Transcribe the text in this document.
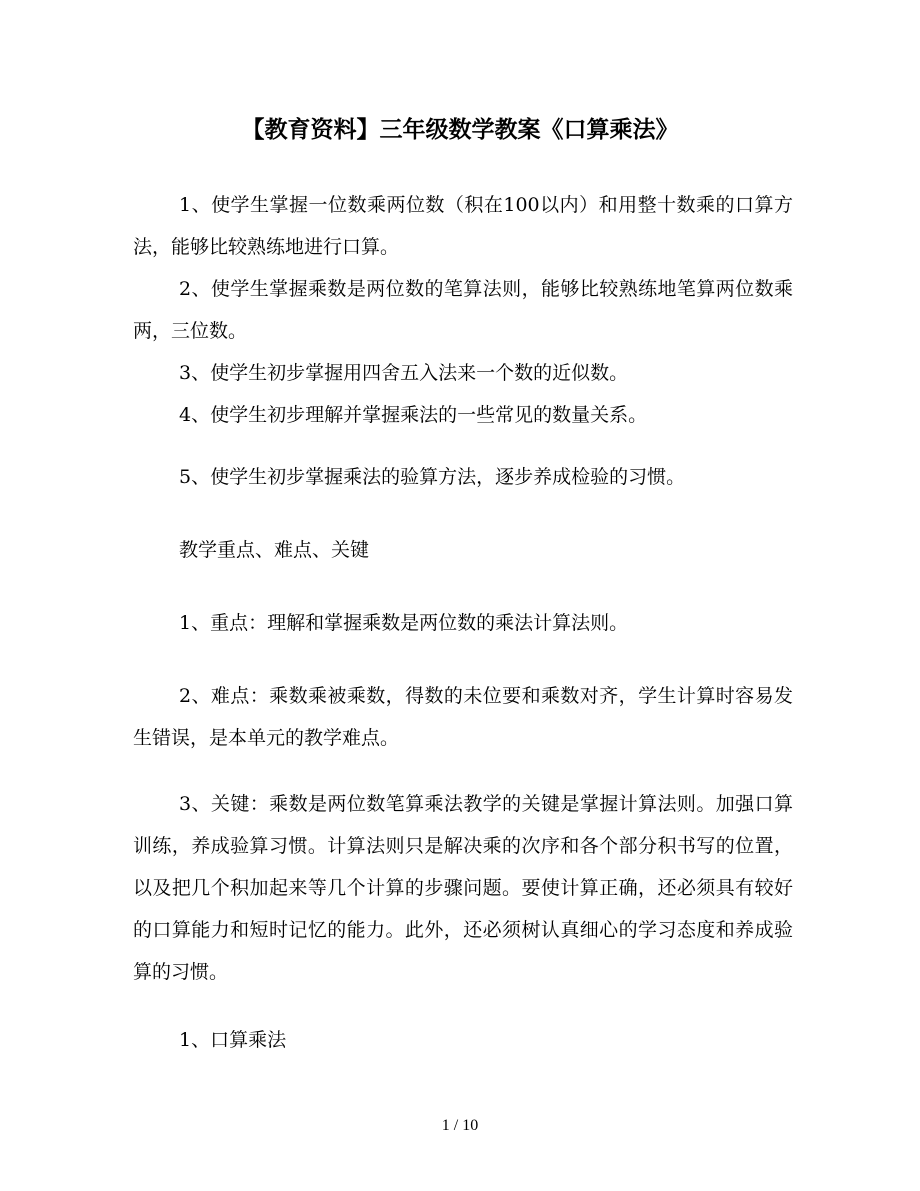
【教育资料】三年级数学教案《口算乘法》
1、使学生掌握一位数乘两位数（积在100以内）和用整十数乘的口算方法，能够比较熟练地进行口算。
2、使学生掌握乘数是两位数的笔算法则，能够比较熟练地笔算两位数乘两，三位数。
3、使学生初步掌握用四舍五入法来一个数的近似数。
4、使学生初步理解并掌握乘法的一些常见的数量关系。
5、使学生初步掌握乘法的验算方法，逐步养成检验的习惯。
教学重点、难点、关键
1、重点：理解和掌握乘数是两位数的乘法计算法则。
2、难点：乘数乘被乘数，得数的未位要和乘数对齐，学生计算时容易发生错误，是本单元的教学难点。
3、关键：乘数是两位数笔算乘法教学的关键是掌握计算法则。加强口算训练，养成验算习惯。计算法则只是解决乘的次序和各个部分积书写的位置，以及把几个积加起来等几个计算的步骤问题。要使计算正确，还必须具有较好的口算能力和短时记忆的能力。此外，还必须树认真细心的学习态度和养成验算的习惯。
1、口算乘法
1 / 10
